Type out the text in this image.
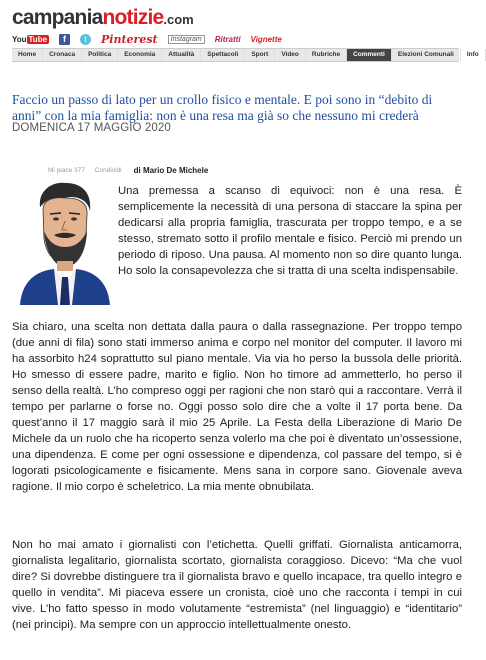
campanianotizie.com
You Tube	f	t	Pinterest	Instagram	Ritratti Vignette
Home	Cronaca	Politica	Economia	Attualità	Spettacoli	Sport	Video	Rubriche	Commenti	Elezioni Comunali	Info
Faccio un passo di lato per un crollo fisico e mentale. E poi sono in “debito di anni” con la mia famiglia: non è una resa ma già so che nessuno mi crederà
DOMENICA 17 MAGGIO 2020
Mi piace 377 Condividi di Mario De Michele
Una premessa a scanso di equivoci: non è una resa. È semplicemente la necessità di una persona di staccare la spina per dedicarsi alla propria famiglia, trascurata per troppo tempo, e a se stesso, stremato sotto il profilo mentale e fisico. Perciò mi prendo un periodo di riposo. Una pausa. Al momento non so dire quanto lunga. Ho solo la consapevolezza che si tratta di una scelta indispensabile.
Sia chiaro, una scelta non dettata dalla paura o dalla rassegnazione. Per troppo tempo (due anni di fila) sono stati immerso anima e corpo nel monitor del computer. Il lavoro mi ha assorbito h24 soprattutto sul piano mentale. Via via ho perso la bussola delle priorità. Ho smesso di essere padre, marito e figlio. Non ho timore ad ammetterlo, ho perso il senso della realtà. L’ho compreso oggi per ragioni che non starò qui a raccontare. Verrà il tempo per parlarne o forse no. Oggi posso solo dire che a volte il 17 porta bene. Da quest’anno il 17 maggio sarà il mio 25 Aprile. La Festa della Liberazione di Mario De Michele da un ruolo che ha ricoperto senza volerlo ma che poi è diventato un’ossessione, una dipendenza. E come per ogni ossessione e dipendenza, col passare del tempo, si è logorati psicologicamente e fisicamente. Mens sana in corpore sano. Giovenale aveva ragione. Il mio corpo è scheletrico. La mia mente obnubilata.
Non ho mai amato i giornalisti con l’etichetta. Quelli griffati. Giornalista anticamorra, giornalista legalitario, giornalista scortato, giornalista coraggioso. Dicevo: “Ma che vuol dire? Si dovrebbe distinguere tra il giornalista bravo e quello incapace, tra quello integro e quello in vendita”. Mi piaceva essere un cronista, cioè uno che racconta i tempi in cui vive. L’ho fatto spesso in modo volutamente “estremista” (nel linguaggio) e “identitario” (nei principi). Ma sempre con un approccio intellettualmente onesto.
